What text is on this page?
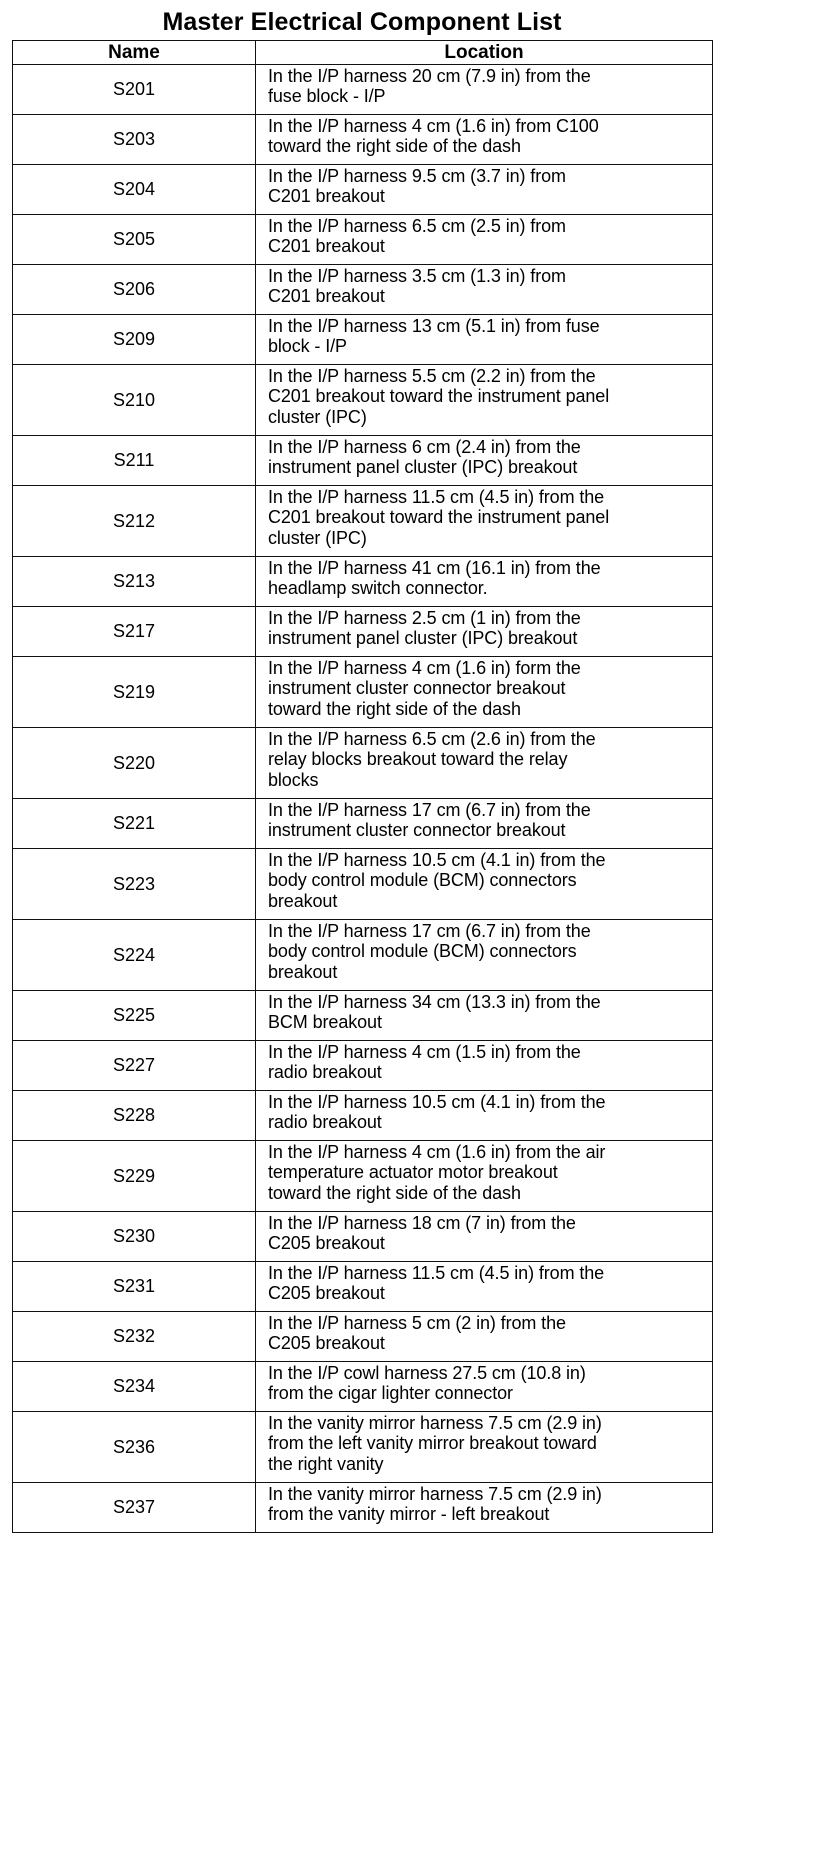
Master Electrical Component List
Name	Location
S201	In the I/P harness 20 cm (7.9 in) from the
fuse block - I/P

S203	In the I/P harness 4 cm (1.6 in) from C100
toward the right side of the dash

S204	In the I/P harness 9.5 cm (3.7 in) from
C201 breakout

S205	In the I/P harness 6.5 cm (2.5 in) from
C201 breakout

S206	In the I/P harness 3.5 cm (1.3 in) from
C201 breakout

S209	In the I/P harness 13 cm (5.1 in) from fuse
block - I/P

S210	In the I/P harness 5.5 cm (2.2 in) from the
C201 breakout toward the instrument panel
cluster (IPC)

S211	In the I/P harness 6 cm (2.4 in) from the
instrument panel cluster (IPC) breakout

S212	In the I/P harness 11.5 cm (4.5 in) from the
C201 breakout toward the instrument panel
cluster (IPC)

S213	In the I/P harness 41 cm (16.1 in) from the
headlamp switch connector.

S217	In the I/P harness 2.5 cm (1 in) from the
instrument panel cluster (IPC) breakout

S219	In the I/P harness 4 cm (1.6 in) form the
instrument cluster connector breakout
toward the right side of the dash

S220	In the I/P harness 6.5 cm (2.6 in) from the
relay blocks breakout toward the relay
blocks

S221	In the I/P harness 17 cm (6.7 in) from the
instrument cluster connector breakout

S223	In the I/P harness 10.5 cm (4.1 in) from the
body control module (BCM) connectors
breakout

S224	In the I/P harness 17 cm (6.7 in) from the
body control module (BCM) connectors
breakout

S225	In the I/P harness 34 cm (13.3 in) from the
BCM breakout

S227	In the I/P harness 4 cm (1.5 in) from the
radio breakout

S228	In the I/P harness 10.5 cm (4.1 in) from the
radio breakout

S229	In the I/P harness 4 cm (1.6 in) from the air
temperature actuator motor breakout
toward the right side of the dash

S230	In the I/P harness 18 cm (7 in) from the
C205 breakout

S231	In the I/P harness 11.5 cm (4.5 in) from the
C205 breakout

S232	In the I/P harness 5 cm (2 in) from the
C205 breakout

S234	In the I/P cowl harness 27.5 cm (10.8 in)
from the cigar lighter connector

S236	In the vanity mirror harness 7.5 cm (2.9 in)
from the left vanity mirror breakout toward
the right vanity

S237	In the vanity mirror harness 7.5 cm (2.9 in)
from the vanity mirror - left breakout
